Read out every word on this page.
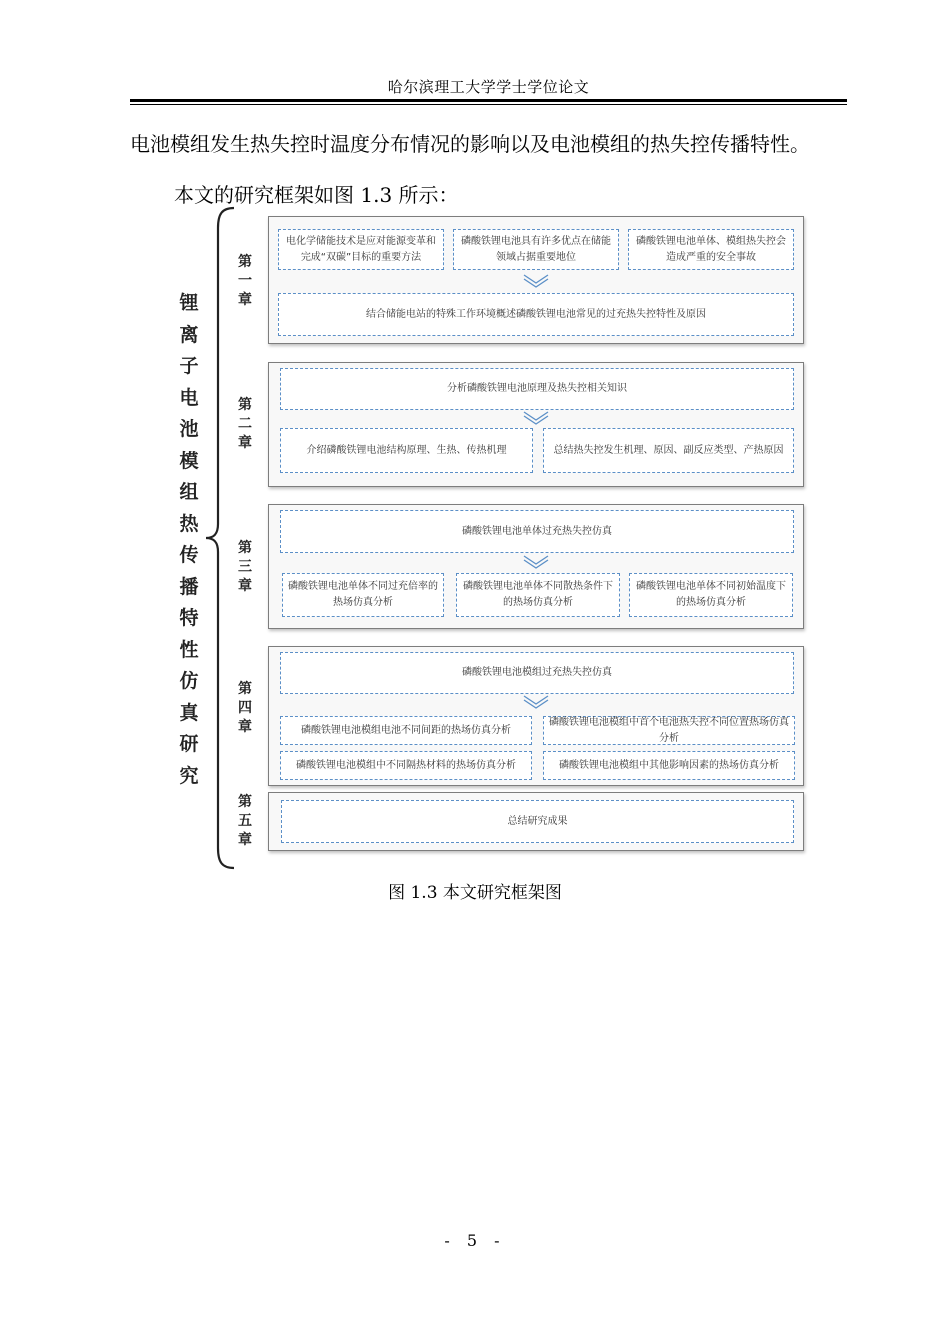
哈尔滨理工大学学士学位论文
电池模组发生热失控时温度分布情况的影响以及电池模组的热失控传播特性。
本文的研究框架如图 1.3 所示：
锂
离
子
电
池
模
组
热
传
播
特
性
仿
真
研
究
第
一
章
电化学储能技术是应对能源变革和完成“双碳”目标的重要方法
磷酸铁锂电池具有许多优点在储能领域占据重要地位
磷酸铁锂电池单体、模组热失控会造成严重的安全事故
结合储能电站的特殊工作环境概述磷酸铁锂电池常见的过充热失控特性及原因
第
二
章
分析磷酸铁锂电池原理及热失控相关知识
介绍磷酸铁锂电池结构原理、生热、传热机理	总结热失控发生机理、原因、副反应类型、产热原因
第
三
章
磷酸铁锂电池单体过充热失控仿真
磷酸铁锂电池单体不同过充倍率的热场仿真分析
磷酸铁锂电池单体不同散热条件下的热场仿真分析
磷酸铁锂电池单体不同初始温度下的热场仿真分析
第
四
章
磷酸铁锂电池模组过充热失控仿真
磷酸铁锂电池模组电池不同间距的热场仿真分析
磷酸铁锂电池模组中首个电池热失控不同位置热场仿真分析
磷酸铁锂电池模组中不同隔热材料的热场仿真分析	磷酸铁锂电池模组中其他影响因素的热场仿真分析
第
五
章
总结研究成果
图 1.3 本文研究框架图
- 5 -
